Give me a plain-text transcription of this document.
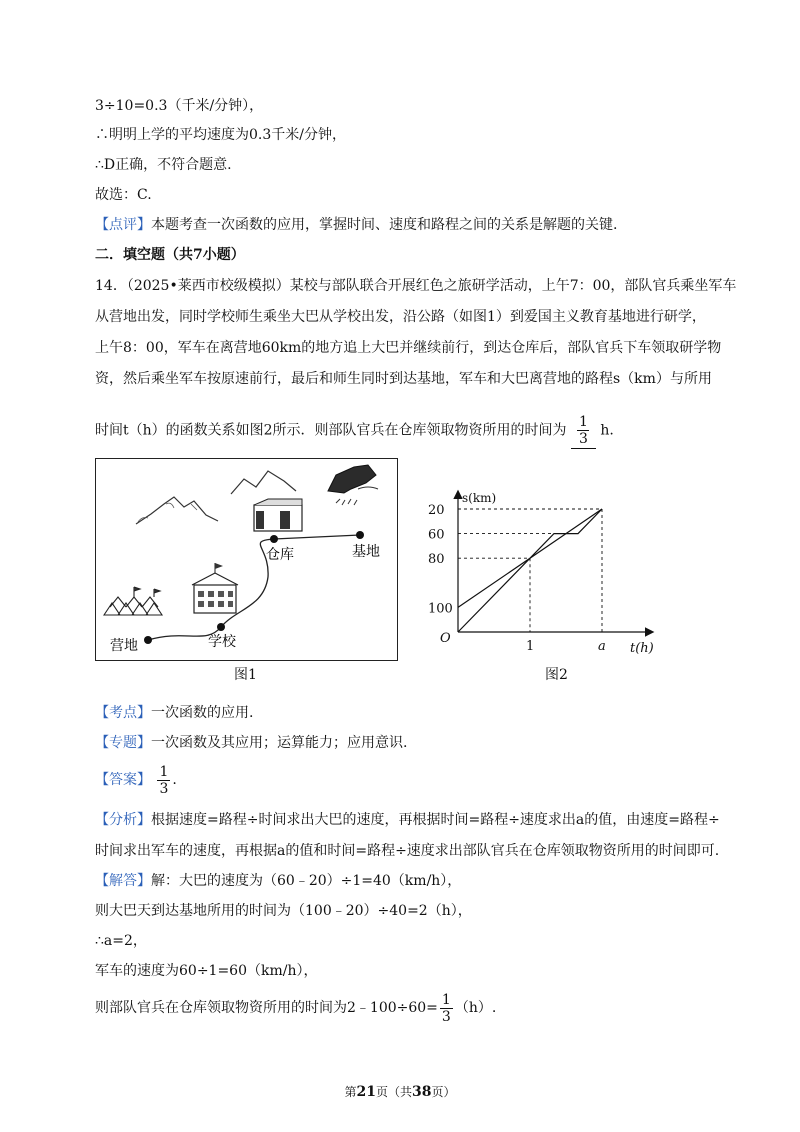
3÷10=0.3（千米/分钟），
∴明明上学的平均速度为0.3千米/分钟，
∴D正确，不符合题意.
故选：C.
【点评】本题考查一次函数的应用，掌握时间、速度和路程之间的关系是解题的关键.
二．填空题（共7小题）
14．（2025•莱西市校级模拟）某校与部队联合开展红色之旅研学活动，上午7：00，部队官兵乘坐军车
从营地出发，同时学校师生乘坐大巴从学校出发，沿公路（如图1）到爱国主义教育基地进行研学，
上午8：00，军车在离营地60km的地方追上大巴并继续前行，到达仓库后，部队官兵下车领取研学物
资，然后乘坐军车按原速前行，最后和师生同时到达基地，军车和大巴离营地的路程s（km）与所用
时间t（h）的函数关系如图2所示．则部队官兵在仓库领取物资所用的时间为 $\frac{1}{3} h$.
营地	学校
仓库	基地
图1
s(km)
t(h)
O
100
80
60
20
1	a
图2
【考点】一次函数的应用.
【专题】一次函数及其应用；运算能力；应用意识.
【答案】 $\frac{1}{3}$ .
【分析】根据速度=路程÷时间求出大巴的速度，再根据时间=路程÷速度求出a的值，由速度=路程÷
时间求出军车的速度，再根据a的值和时间=路程÷速度求出部队官兵在仓库领取物资所用的时间即可.
【解答】解：大巴的速度为（60﹣20）÷1=40（km/h），
则大巴天到达基地所用的时间为（100﹣20）÷40=2（h），
∴a=2，
军车的速度为60÷1=60（km/h），
则部队官兵在仓库领取物资所用的时间为2﹣100÷60= $\frac{1}{3} (h)$.
第21页（共38页）
